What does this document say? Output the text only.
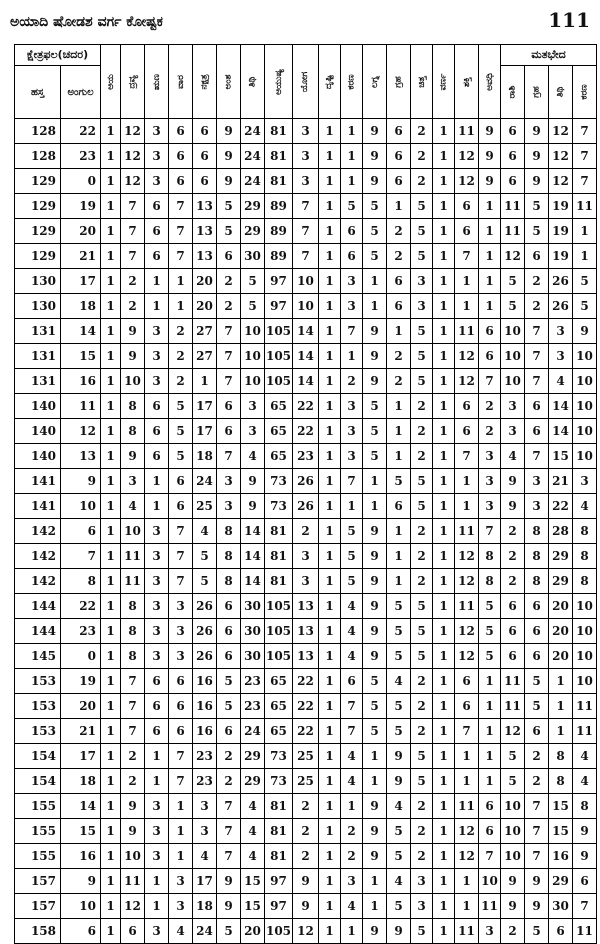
ಅಯಾದಿ ಷೋಡಶ ವರ್ಗ ಕೋಷ್ಟಕ	111
ಕ್ಷೇತ್ರಫಲ(ಚದರ)		ಆಯ	ದ್ರವ್ಯ	ಋಣ	ವಾರ	ನಕ್ಷತ್ರ	ಅಂಶ	ತಿಥಿ	ಆಯುಷ್ಯ	ಯೋಗ	ದೃಷ್ಟಿ	ಕರಣ	ಲಗ್ನ	ಗ್ರಹ	ಚಿತ್ತ	ವರ್ಣ	ಶಕ್ತಿ	ಅವಧಿ	ಮತಭೇದ			
ಹಸ್ತ	ಅಂಗುಲ																		ರಾಶಿ	ಗ್ರಹ	ತಿಥಿ	ಕರಣ
128	22	1	12	3	6	6	9	24	81	3	1	1	9	6	2	1	11	9	6	9	12	7
128	23	1	12	3	6	6	9	24	81	3	1	1	9	6	2	1	12	9	6	9	12	7
129	0	1	12	3	6	6	9	24	81	3	1	1	9	6	2	1	12	9	6	9	12	7
129	19	1	7	6	7	13	5	29	89	7	1	5	5	1	5	1	6	1	11	5	19	11
129	20	1	7	6	7	13	5	29	89	7	1	6	5	2	5	1	6	1	11	5	19	1
129	21	1	7	6	7	13	6	30	89	7	1	6	5	2	5	1	7	1	12	6	19	1
130	17	1	2	1	1	20	2	5	97	10	1	3	1	6	3	1	1	1	5	2	26	5
130	18	1	2	1	1	20	2	5	97	10	1	3	1	6	3	1	1	1	5	2	26	5
131	14	1	9	3	2	27	7	10	105	14	1	7	9	1	5	1	11	6	10	7	3	9
131	15	1	9	3	2	27	7	10	105	14	1	1	9	2	5	1	12	6	10	7	3	10
131	16	1	10	3	2	1	7	10	105	14	1	2	9	2	5	1	12	7	10	7	4	10
140	11	1	8	6	5	17	6	3	65	22	1	3	5	1	2	1	6	2	3	6	14	10
140	12	1	8	6	5	17	6	3	65	22	1	3	5	1	2	1	6	2	3	6	14	10
140	13	1	9	6	5	18	7	4	65	23	1	3	5	1	2	1	7	3	4	7	15	10
141	9	1	3	1	6	24	3	9	73	26	1	7	1	5	5	1	1	3	9	3	21	3
141	10	1	4	1	6	25	3	9	73	26	1	1	1	6	5	1	1	3	9	3	22	4
142	6	1	10	3	7	4	8	14	81	2	1	5	9	1	2	1	11	7	2	8	28	8
142	7	1	11	3	7	5	8	14	81	3	1	5	9	1	2	1	12	8	2	8	29	8
142	8	1	11	3	7	5	8	14	81	3	1	5	9	1	2	1	12	8	2	8	29	8
144	22	1	8	3	3	26	6	30	105	13	1	4	9	5	5	1	11	5	6	6	20	10
144	23	1	8	3	3	26	6	30	105	13	1	4	9	5	5	1	12	5	6	6	20	10
145	0	1	8	3	3	26	6	30	105	13	1	4	9	5	5	1	12	5	6	6	20	10
153	19	1	7	6	6	16	5	23	65	22	1	6	5	4	2	1	6	1	11	5	1	10
153	20	1	7	6	6	16	5	23	65	22	1	7	5	5	2	1	6	1	11	5	1	11
153	21	1	7	6	6	16	6	24	65	22	1	7	5	5	2	1	7	1	12	6	1	11
154	17	1	2	1	7	23	2	29	73	25	1	4	1	9	5	1	1	1	5	2	8	4
154	18	1	2	1	7	23	2	29	73	25	1	4	1	9	5	1	1	1	5	2	8	4
155	14	1	9	3	1	3	7	4	81	2	1	1	9	4	2	1	11	6	10	7	15	8
155	15	1	9	3	1	3	7	4	81	2	1	2	9	5	2	1	12	6	10	7	15	9
155	16	1	10	3	1	4	7	4	81	2	1	2	9	5	2	1	12	7	10	7	16	9
157	9	1	11	1	3	17	9	15	97	9	1	3	1	4	3	1	1	10	9	9	29	6
157	10	1	12	1	3	18	9	15	97	9	1	4	1	5	3	1	1	11	9	9	30	7
158	6	1	6	3	4	24	5	20	105	12	1	1	9	9	5	1	11	3	2	5	6	11
